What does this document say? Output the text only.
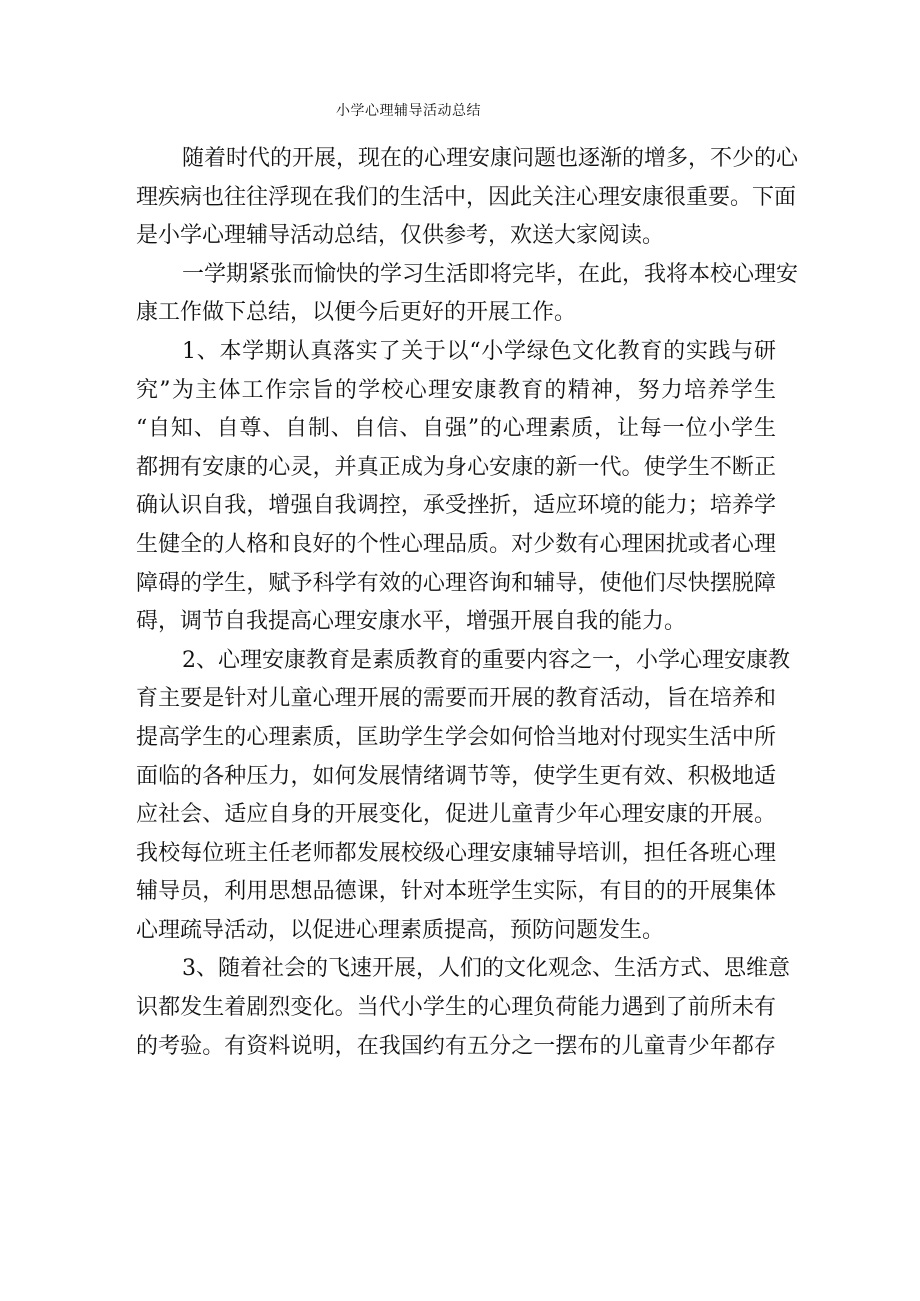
小学心理辅导活动总结
随着时代的开展，现在的心理安康问题也逐渐的增多，不少的心
理疾病也往往浮现在我们的生活中，因此关注心理安康很重要。下面
是小学心理辅导活动总结，仅供参考，欢送大家阅读。
一学期紧张而愉快的学习生活即将完毕，在此，我将本校心理安
康工作做下总结，以便今后更好的开展工作。
1、本学期认真落实了关于以“小学绿色文化教育的实践与研
究”为主体工作宗旨的学校心理安康教育的精神，努力培养学生
“自知、自尊、自制、自信、自强”的心理素质，让每一位小学生
都拥有安康的心灵，并真正成为身心安康的新一代。使学生不断正
确认识自我，增强自我调控，承受挫折，适应环境的能力；培养学
生健全的人格和良好的个性心理品质。对少数有心理困扰或者心理
障碍的学生，赋予科学有效的心理咨询和辅导，使他们尽快摆脱障
碍，调节自我提高心理安康水平，增强开展自我的能力。
2、心理安康教育是素质教育的重要内容之一，小学心理安康教
育主要是针对儿童心理开展的需要而开展的教育活动，旨在培养和
提高学生的心理素质，匡助学生学会如何恰当地对付现实生活中所
面临的各种压力，如何发展情绪调节等，使学生更有效、积极地适
应社会、适应自身的开展变化，促进儿童青少年心理安康的开展。
我校每位班主任老师都发展校级心理安康辅导培训，担任各班心理
辅导员，利用思想品德课，针对本班学生实际，有目的的开展集体
心理疏导活动，以促进心理素质提高，预防问题发生。
3、随着社会的飞速开展，人们的文化观念、生活方式、思维意
识都发生着剧烈变化。当代小学生的心理负荷能力遇到了前所未有
的考验。有资料说明，在我国约有五分之一摆布的儿童青少年都存
